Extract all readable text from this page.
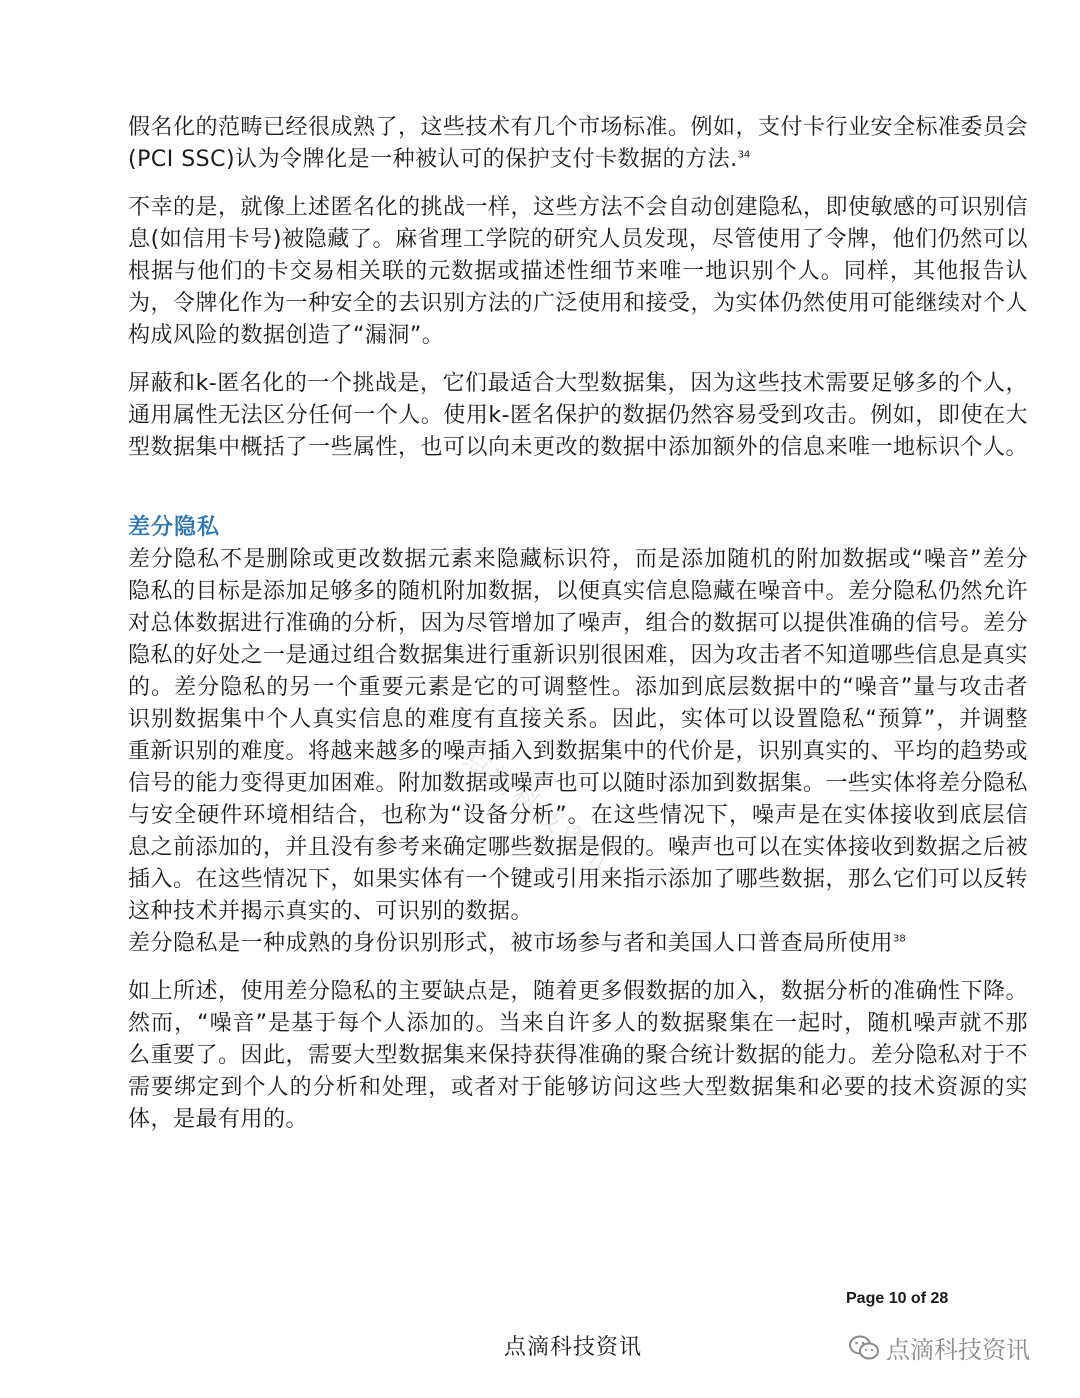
点滴科技资讯

假名化的范畴已经很成熟了，这些技术有几个市场标准。例如，支付卡行业安全标准委员会(PCI SSC)认为令牌化是一种被认可的保护支付卡数据的方法.$^{34}$

不幸的是，就像上述匿名化的挑战一样，这些方法不会自动创建隐私，即使敏感的可识别信息(如信用卡号)被隐藏了。麻省理工学院的研究人员发现，尽管使用了令牌，他们仍然可以根据与他们的卡交易相关联的元数据或描述性细节来唯一地识别个人。同样，其他报告认为，令牌化作为一种安全的去识别方法的广泛使用和接受，为实体仍然使用可能继续对个人构成风险的数据创造了“漏洞”。

屏蔽和k-匿名化的一个挑战是，它们最适合大型数据集，因为这些技术需要足够多的个人，通用属性无法区分任何一个人。使用k-匿名保护的数据仍然容易受到攻击。例如，即使在大型数据集中概括了一些属性，也可以向未更改的数据中添加额外的信息来唯一地标识个人。

差分隐私

差分隐私不是删除或更改数据元素来隐藏标识符，而是添加随机的附加数据或“噪音”差分隐私的目标是添加足够多的随机附加数据，以便真实信息隐藏在噪音中。差分隐私仍然允许对总体数据进行准确的分析，因为尽管增加了噪声，组合的数据可以提供准确的信号。差分隐私的好处之一是通过组合数据集进行重新识别很困难，因为攻击者不知道哪些信息是真实的。差分隐私的另一个重要元素是它的可调整性。添加到底层数据中的“噪音”量与攻击者识别数据集中个人真实信息的难度有直接关系。因此，实体可以设置隐私“预算”，并调整重新识别的难度。将越来越多的噪声插入到数据集中的代价是，识别真实的、平均的趋势或信号的能力变得更加困难。附加数据或噪声也可以随时添加到数据集。一些实体将差分隐私与安全硬件环境相结合，也称为“设备分析”。在这些情况下，噪声是在实体接收到底层信息之前添加的，并且没有参考来确定哪些数据是假的。噪声也可以在实体接收到数据之后被插入。在这些情况下，如果实体有一个键或引用来指示添加了哪些数据，那么它们可以反转这种技术并揭示真实的、可识别的数据。

差分隐私是一种成熟的身份识别形式，被市场参与者和美国人口普查局所使用$^{38}$

如上所述，使用差分隐私的主要缺点是，随着更多假数据的加入，数据分析的准确性下降。然而，“噪音”是基于每个人添加的。当来自许多人的数据聚集在一起时，随机噪声就不那么重要了。因此，需要大型数据集来保持获得准确的聚合统计数据的能力。差分隐私对于不需要绑定到个人的分析和处理，或者对于能够访问这些大型数据集和必要的技术资源的实体，是最有用的。

Page 10 of 28
点滴科技资讯	点滴科技资讯
